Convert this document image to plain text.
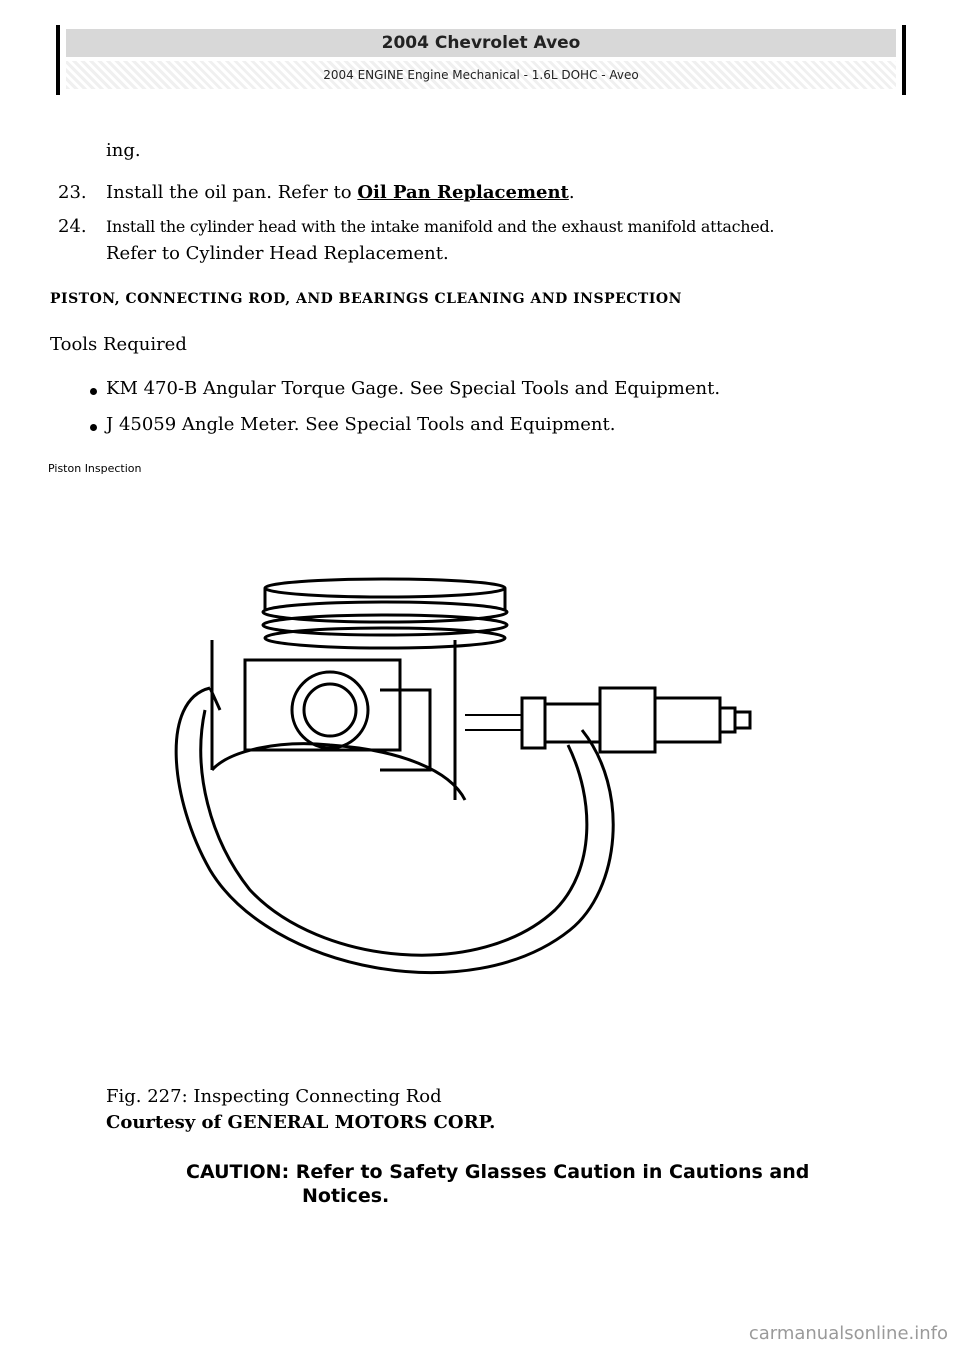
2004 Chevrolet Aveo
2004 ENGINE Engine Mechanical - 1.6L DOHC - Aveo
ing.
23. Install the oil pan. Refer to Oil Pan Replacement.
24. Install the cylinder head with the intake manifold and the exhaust manifold attached.
Refer to Cylinder Head Replacement.
PISTON, CONNECTING ROD, AND BEARINGS CLEANING AND INSPECTION
Tools Required
KM 470-B Angular Torque Gage. See Special Tools and Equipment.
J 45059 Angle Meter. See Special Tools and Equipment.
Piston Inspection
Fig. 227: Inspecting Connecting Rod
Courtesy of GENERAL MOTORS CORP.
CAUTION: Refer to Safety Glasses Caution in Cautions and
Notices.
carmanualsonline.info
